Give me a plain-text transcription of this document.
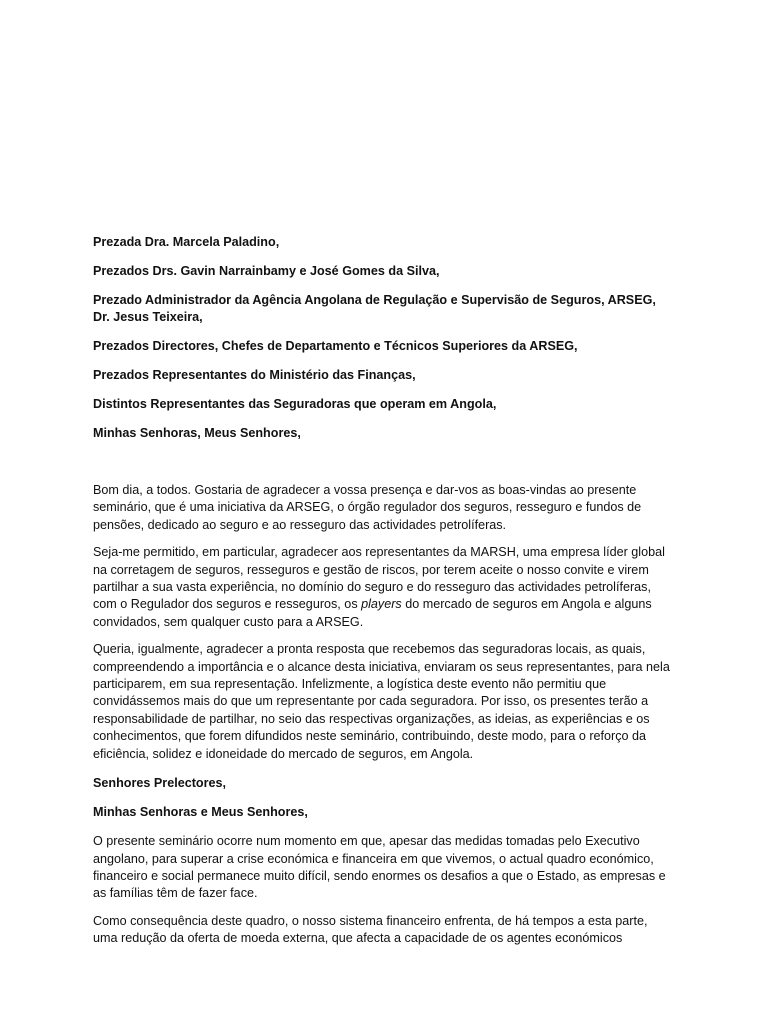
Prezada Dra. Marcela Paladino,

Prezados Drs. Gavin Narrainbamy e José Gomes da Silva,

Prezado Administrador da Agência Angolana de Regulação e Supervisão de Seguros, ARSEG, Dr. Jesus Teixeira,

Prezados Directores, Chefes de Departamento e Técnicos Superiores da ARSEG,

Prezados Representantes do Ministério das Finanças,

Distintos Representantes das Seguradoras que operam em Angola,

Minhas Senhoras, Meus Senhores,

Bom dia, a todos. Gostaria de agradecer a vossa presença e dar-vos as boas-vindas ao presente seminário, que é uma iniciativa da ARSEG, o órgão regulador dos seguros, resseguro e fundos de pensões, dedicado ao seguro e ao resseguro das actividades petrolíferas.

Seja-me permitido, em particular, agradecer aos representantes da MARSH, uma empresa líder global na corretagem de seguros, resseguros e gestão de riscos, por terem aceite o nosso convite e virem partilhar a sua vasta experiência, no domínio do seguro e do resseguro das actividades petrolíferas, com o Regulador dos seguros e resseguros, os players do mercado de seguros em Angola e alguns convidados, sem qualquer custo para a ARSEG.

Queria, igualmente, agradecer a pronta resposta que recebemos das seguradoras locais, as quais, compreendendo a importância e o alcance desta iniciativa, enviaram os seus representantes, para nela participarem, em sua representação. Infelizmente, a logística deste evento não permitiu que convidássemos mais do que um representante por cada seguradora. Por isso, os presentes terão a responsabilidade de partilhar, no seio das respectivas organizações, as ideias, as experiências e os conhecimentos, que forem difundidos neste seminário, contribuindo, deste modo, para o reforço da eficiência, solidez e idoneidade do mercado de seguros, em Angola.

Senhores Prelectores,

Minhas Senhoras e Meus Senhores,

O presente seminário ocorre num momento em que, apesar das medidas tomadas pelo Executivo angolano, para superar a crise económica e financeira em que vivemos, o actual quadro económico, financeiro e social permanece muito difícil, sendo enormes os desafios a que o Estado, as empresas e as famílias têm de fazer face.

Como consequência deste quadro, o nosso sistema financeiro enfrenta, de há tempos a esta parte, uma redução da oferta de moeda externa, que afecta a capacidade de os agentes económicos
